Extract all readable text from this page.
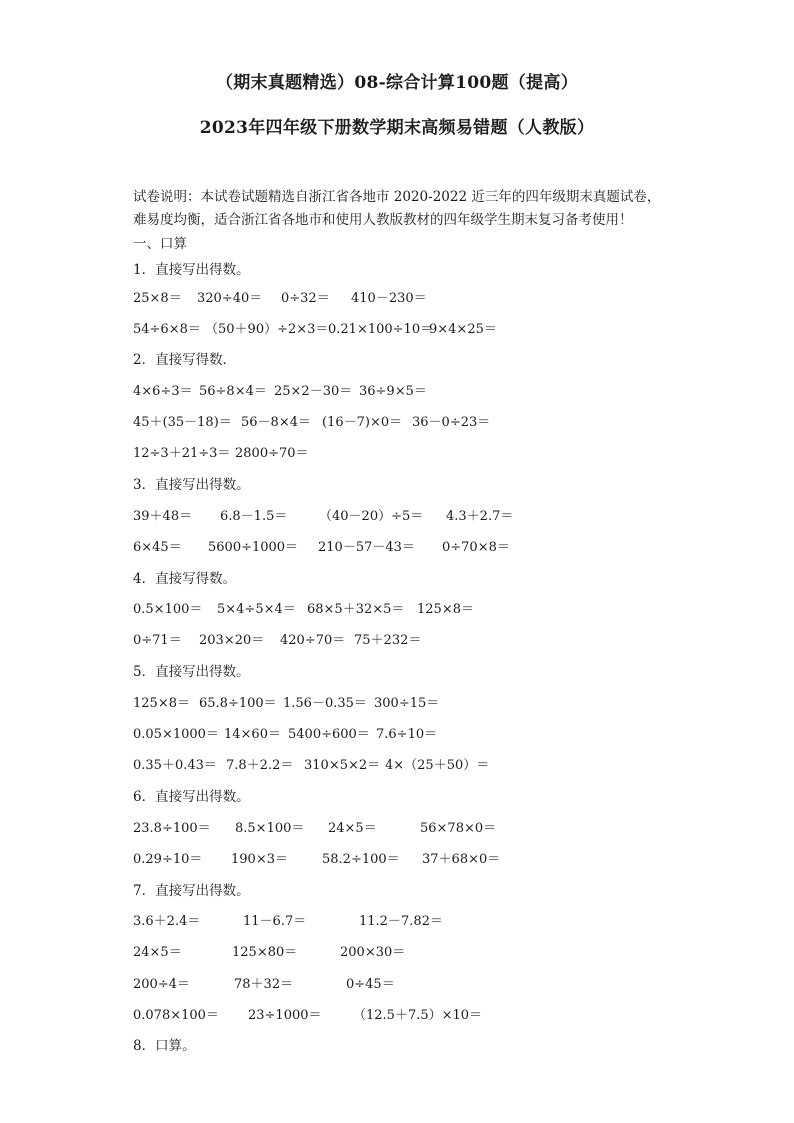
（期末真题精选）08-综合计算100题（提高）
2023年四年级下册数学期末高频易错题（人教版）

试卷说明：本试卷试题精选自浙江省各地市 2020-2022 近三年的四年级期末真题试卷，

难易度均衡，适合浙江省各地市和使用人教版教材的四年级学生期末复习备考使用！

一、口算
1．直接写出得数。
25×8＝ 320÷40＝ 0÷32＝ 410－230＝
54÷6×8＝ （50＋90）÷2×3＝ 0.21×100÷10＝
9×4×25＝
2．直接写得数．
4×6÷3＝ 56÷8×4＝ 25×2－30＝ 36÷9×5＝
45＋(35－18)＝ 56－8×4＝ (16－7)×0＝ 36－0÷23＝
12÷3＋21÷3＝ 2800÷70＝
3．直接写出得数。
39＋48＝ 6.8－1.5＝ （40－20）÷5＝ 4.3＋2.7＝
6×45＝ 5600÷1000＝ 210－57－43＝ 0÷70×8＝
4．直接写得数。
0.5×100＝ 5×4÷5×4＝ 68×5＋32×5＝ 125×8＝
0÷71＝ 203×20＝ 420÷70＝ 75＋232＝
5．直接写出得数。
125×8＝ 65.8÷100＝ 1.56－0.35＝ 300÷15＝
0.05×1000＝ 14×60＝ 5400÷600＝ 7.6÷10＝
0.35＋0.43＝ 7.8＋2.2＝ 310×5×2＝ 4×（25＋50）＝
6．直接写出得数。
23.8÷100＝ 8.5×100＝ 24×5＝	56×78×0＝
0.29÷10＝ 190×3＝	58.2÷100＝ 37＋68×0＝
7．直接写出得数。
3.6＋2.4＝	11－6.7＝	11.2－7.82＝
24×5＝	125×80＝	200×30＝
200÷4＝	78＋32＝	0÷45＝
0.078×100＝ 23÷1000＝ （12.5＋7.5）×10＝
8．口算。
